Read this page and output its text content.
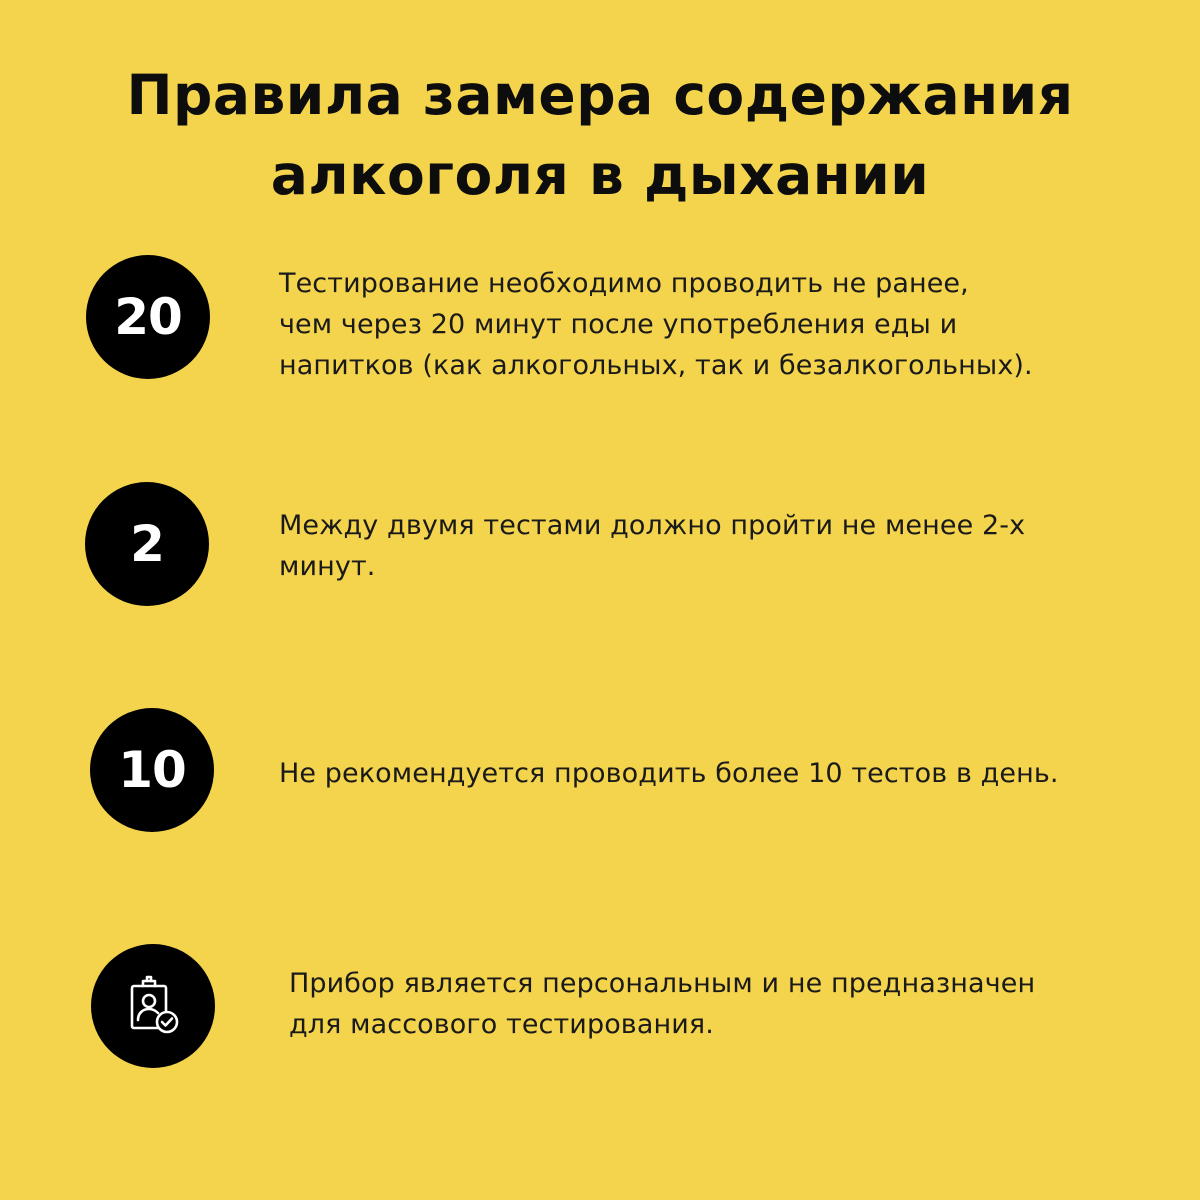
Правила замера содержания
алкоголя в дыхании
20

Тестирование необходимо проводить не ранее,
чем через 20 минут после употребления еды и
напитков (как алкогольных, так и безалкогольных).

2	Между двумя тестами должно пройти не менее 2-х
минут.

10	Не рекомендуется проводить более 10 тестов в день.

Прибор является персональным и не предназначен
для массового тестирования.
